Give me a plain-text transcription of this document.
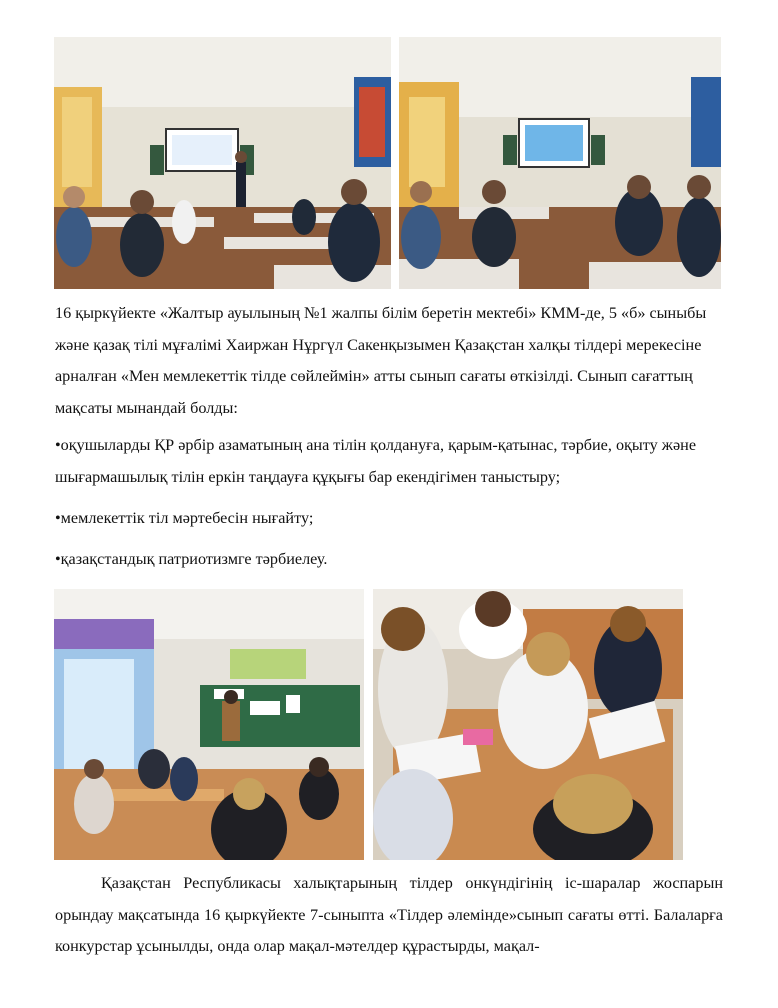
16 қыркүйекте «Жалтыр ауылының №1 жалпы білім беретін мектебі» КММ-де, 5 «б» сыныбы және қазақ тілі мұғалімі Хаиржан Нұргүл Сакенқызымен Қазақстан халқы тілдері мерекесіне арналған «Мен мемлекеттік тілде сөйлеймін» атты сынып сағаты өткізілді. Сынып сағаттың мақсаты мынандай болды:

•оқушыларды ҚР әрбір азаматының ана тілін қолдануға, қарым-қатынас, тәрбие, оқыту және шығармашылық тілін еркін таңдауға құқығы бар екендігімен таныстыру;

•мемлекеттік тіл мәртебесін нығайту;

•қазақстандық патриотизмге тәрбиелеу.

Қазақстан Республикасы халықтарының тілдер онкүндігінің іс-шаралар жоспарын орындау мақсатында 16 қыркүйекте 7-сыныпта «Тілдер әлемінде»сынып сағаты өтті. Балаларға конкурстар ұсынылды, онда олар мақал-мәтелдер құрастырды, мақал-
